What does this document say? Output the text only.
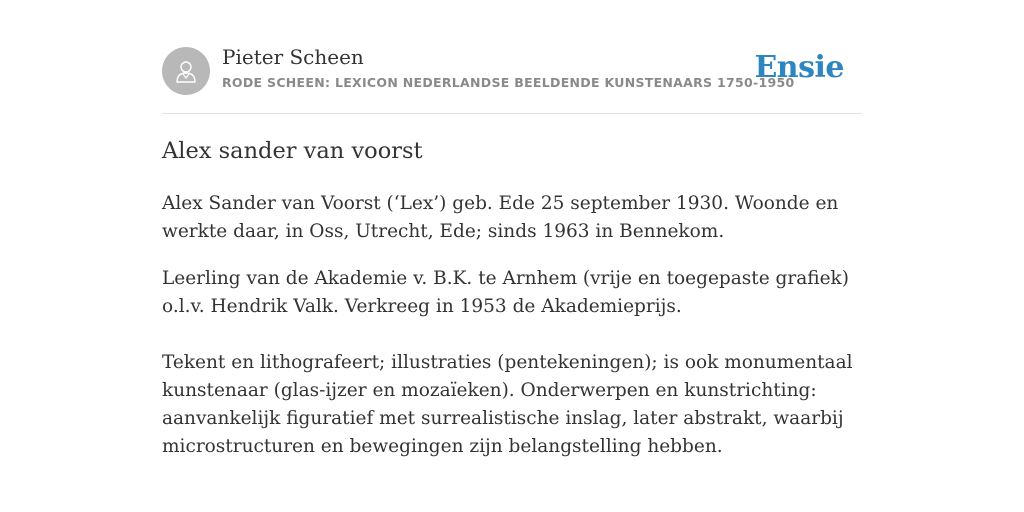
Pieter Scheen
RODE SCHEEN: LEXICON NEDERLANDSE BEELDENDE KUNSTENAARS 1750-1950
Ensie
Alex sander van voorst

Alex Sander van Voorst (‘Lex’) geb. Ede 25 september 1930. Woonde en werkte daar, in Oss, Utrecht, Ede; sinds 1963 in Bennekom.

Leerling van de Akademie v. B.K. te Arnhem (vrije en toegepaste grafiek) o.l.v. Hendrik Valk. Verkreeg in 1953 de Akademieprijs.

Tekent en lithografeert; illustraties (pentekeningen); is ook monumentaal kunstenaar (glas-ijzer en mozaïeken). Onderwerpen en kunstrichting: aanvankelijk figuratief met surrealistische inslag, later abstrakt, waarbij microstructuren en bewegingen zijn belangstelling hebben.
